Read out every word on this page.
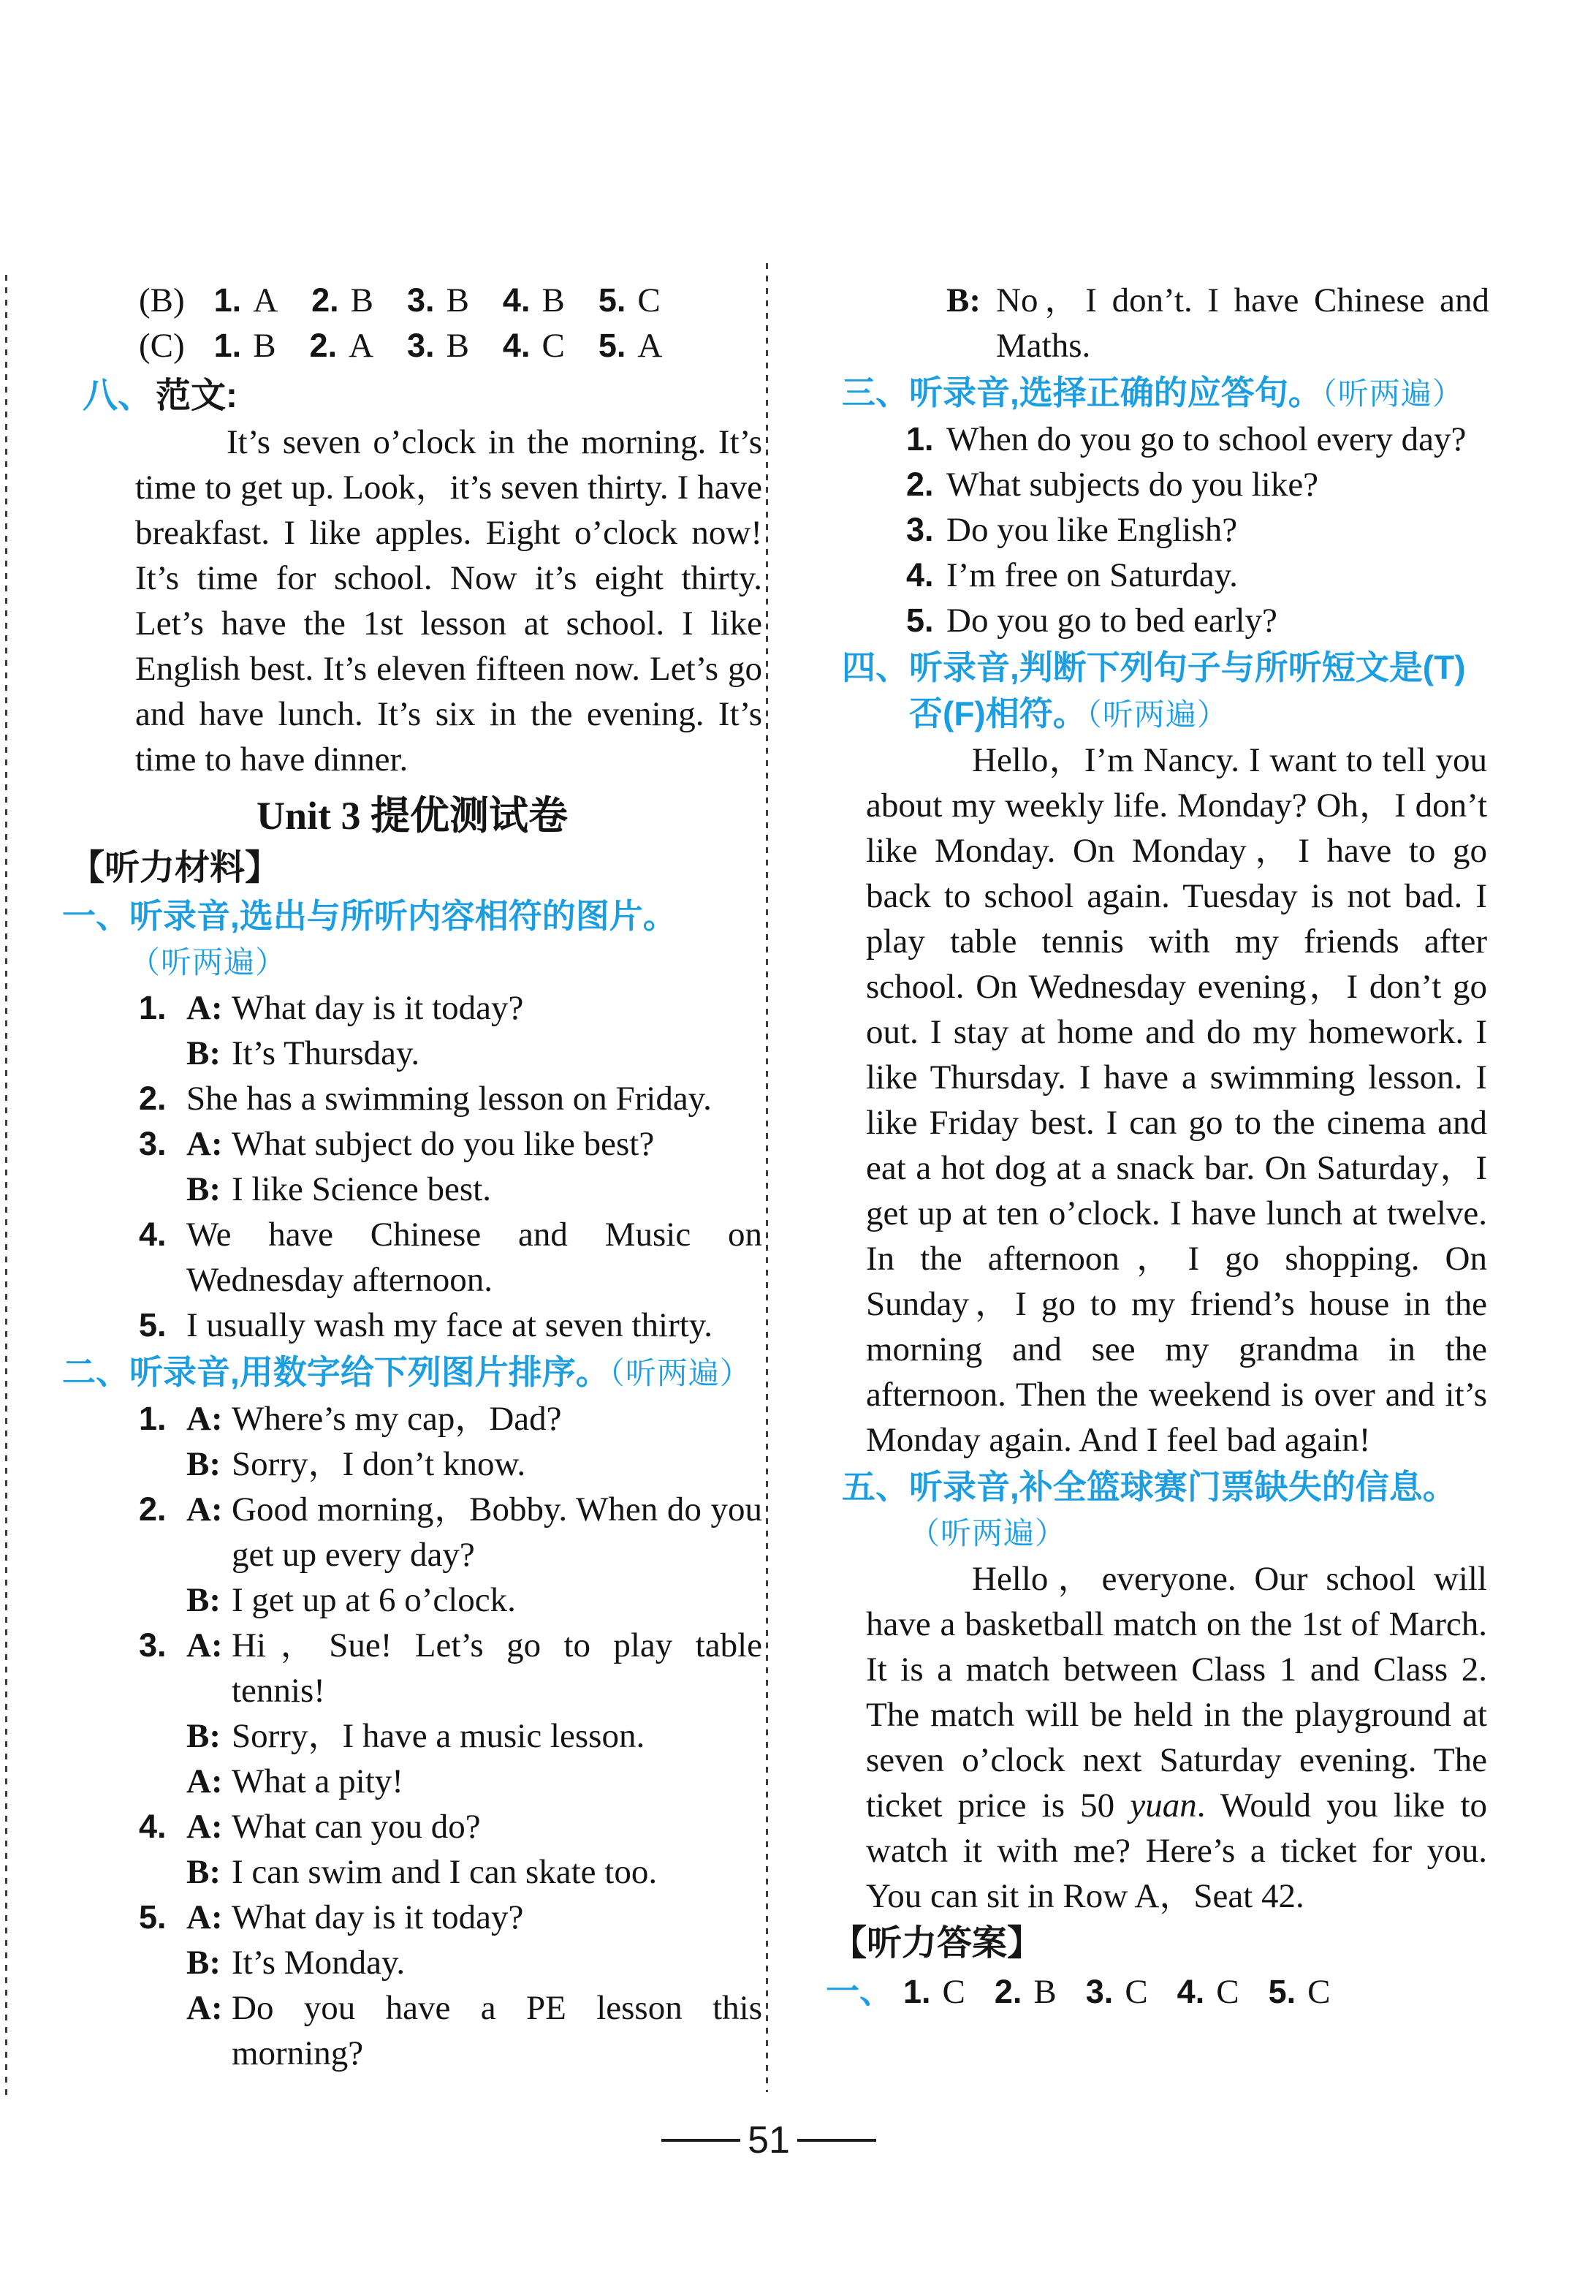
(B) 1. A 2. B 3. B 4. B 5. C
(C) 1. B 2. A 3. B 4. C 5. A
八、 范文:

It’s seven o’clock in the morning. It’s time to get up. Look，it’s seven thirty. I have breakfast. I like apples. Eight o’clock now! It’s time for school. Now it’s eight thirty. Let’s have the 1st lesson at school. I like English best. It’s eleven fifteen now. Let’s go and have lunch. It’s six in the evening. It’s time to have dinner.

Unit 3 提优测试卷
【听力材料】
一、 听录音,选出与所听内容相符的图片。
（听两遍）
1. A: What day is it today?
B: It’s Thursday.
2. She has a swimming lesson on Friday.
3. A: What subject do you like best?
B: I like Science best.
4. We have Chinese and Music on Wednesday afternoon.
5. I usually wash my face at seven thirty.
二、 听录音,用数字给下列图片排序。（听两遍）
1. A: Where’s my cap，Dad?
B: Sorry，I don’t know.
2. A: Good morning，Bobby. When do you get up every day?
B: I get up at 6 o’clock.
3. A: Hi，Sue! Let’s go to play table tennis!
B: Sorry，I have a music lesson.
A: What a pity!
4. A: What can you do?
B: I can swim and I can skate too.
5. A: What day is it today?
B: It’s Monday.
A: Do you have a PE lesson this morning?
B: No，I don’t. I have Chinese and Maths.
三、 听录音,选择正确的应答句。（听两遍）
1. When do you go to school every day?
2. What subjects do you like?
3. Do you like English?
4. I’m free on Saturday.
5. Do you go to bed early?
四、 听录音,判断下列句子与所听短文是(T)
否(F)相符。（听两遍）

Hello，I’m Nancy. I want to tell you about my weekly life. Monday? Oh，I don’t like Monday. On Monday，I have to go back to school again. Tuesday is not bad. I play table tennis with my friends after school. On Wednesday evening，I don’t go out. I stay at home and do my homework. I like Thursday. I have a swimming lesson. I like Friday best. I can go to the cinema and eat a hot dog at a snack bar. On Saturday，I get up at ten o’clock. I have lunch at twelve. In the afternoon，I go shopping. On Sunday，I go to my friend’s house in the morning and see my grandma in the afternoon. Then the weekend is over and it’s Monday again. And I feel bad again!

五、 听录音,补全篮球赛门票缺失的信息。
（听两遍）

Hello，everyone. Our school will have a basketball match on the 1st of March. It is a match between Class 1 and Class 2. The match will be held in the playground at seven o’clock next Saturday evening. The ticket price is 50 yuan. Would you like to watch it with me? Here’s a ticket for you. You can sit in Row A，Seat 42.

【听力答案】
一、 1. C 2. B 3. C 4. C 5. C
51
